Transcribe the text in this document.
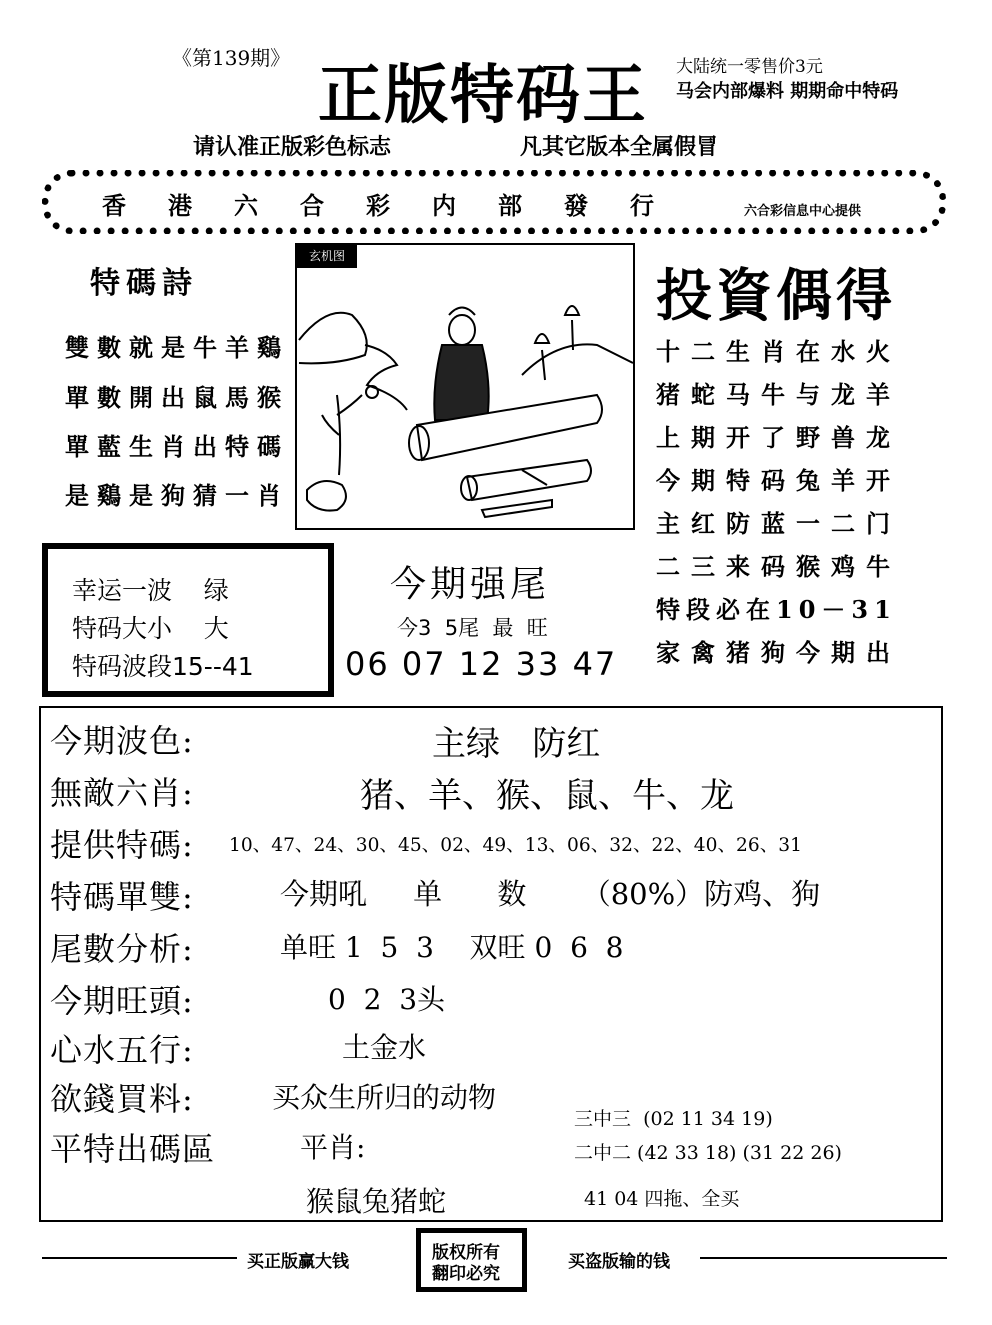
《第139期》 正版特码王 大陆统一零售价3元
马会内部爆料 期期命中特码
请认准正版彩色标志	凡其它版本全属假冒
香港六合彩内部發行	六合彩信息中心提供
特碼詩
雙數就是牛羊鷄
單數開出鼠馬猴
單藍生肖出特碼
是鷄是狗猜一肖
玄机图
投資偶得
十二生肖在水火
猪蛇马牛与龙羊
上期开了野兽龙
今期特码兔羊开
主红防蓝一二门
二三来码猴鸡牛
特段必在10－31
家禽猪狗今期出
幸运一波    绿
特码大小    大
特码波段15--41
今期强尾
今3  5尾  最  旺
06 07 12 33 47
今期波色:	主绿   防红
無敵六肖:	猪、羊、猴、鼠、牛、龙
提供特碼: 10、47、24、30、45、02、49、13、06、32、22、40、26、31
特碼單雙:	今期吼     单      数      （80%）防鸡、狗
尾數分析:	单旺 1  5  3    双旺 0  6  8
今期旺頭:	0  2  3头
心水五行:	土金水
欲錢買料:	买众生所归的动物
平特出碼區	平肖:
猴鼠兔猪蛇
三中三  (02 11 34 19)
二中二 (42 33 18) (31 22 26)
41 04 四拖、全买
买正版赢大钱	买盗版输的钱
版权所有
翻印必究
